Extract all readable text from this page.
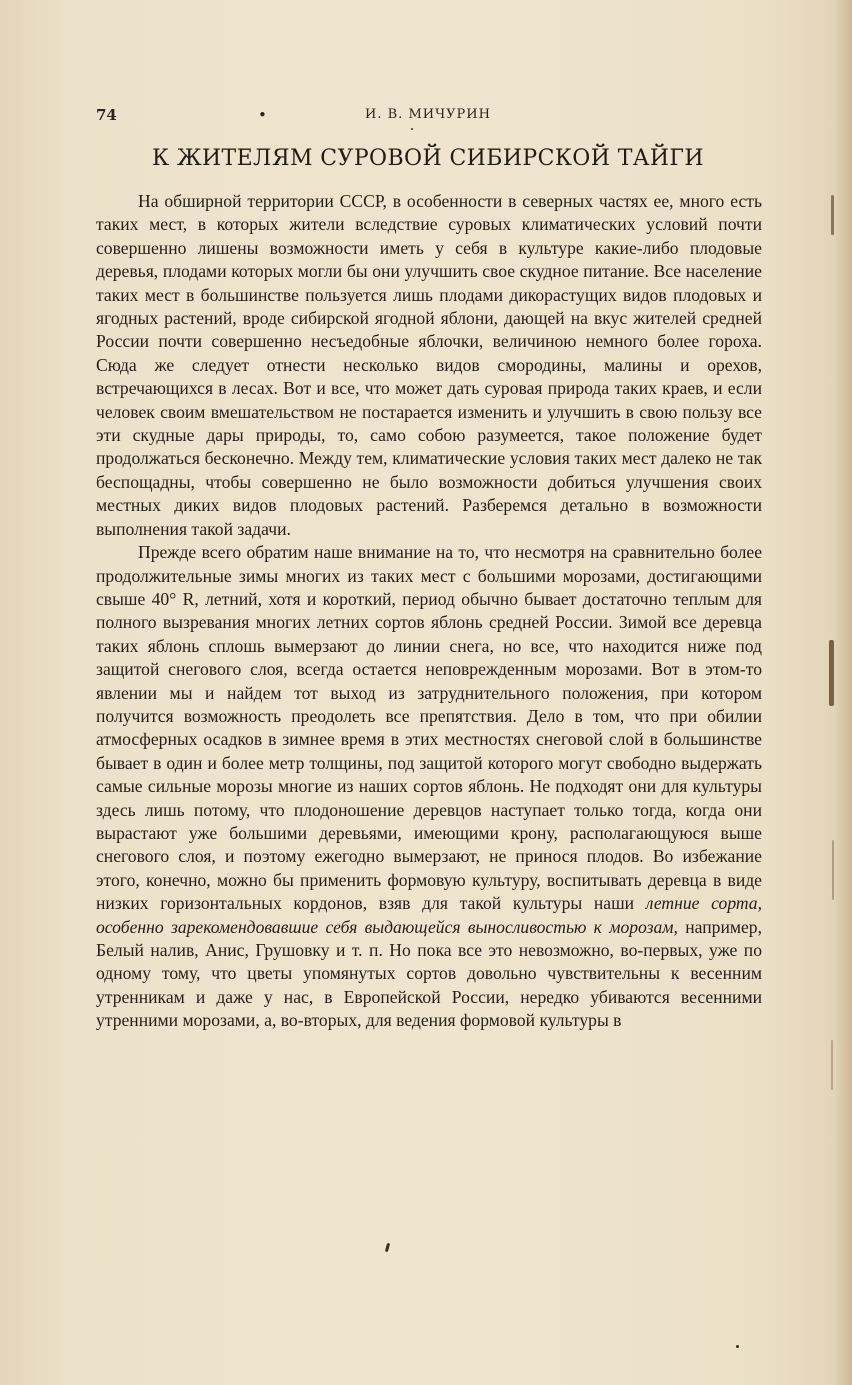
74	•	И. В. МИЧУРИН
К ЖИТЕЛЯМ СУРОВОЙ СИБИРСКОЙ ТАЙГИ

На обширной территории СССР, в особенности в северных частях ее, много есть таких мест, в которых жители вследствие суровых климатических условий почти совершенно лишены возможности иметь у себя в культуре какие-либо плодовые деревья, плодами которых могли бы они улучшить свое скудное питание. Все население таких мест в большинстве пользуется лишь плодами дикорастущих видов плодовых и ягодных растений, вроде сибирской ягодной яблони, дающей на вкус жителей средней России почти совершенно несъедобные яблочки, величиною немного более гороха. Сюда же следует отнести несколько видов смородины, малины и орехов, встречающихся в лесах. Вот и все, что может дать суровая природа таких краев, и если человек своим вмешательством не постарается изменить и улучшить в свою пользу все эти скудные дары природы, то, само собою разумеется, такое положение будет продолжаться бесконечно. Между тем, климатические условия таких мест далеко не так беспощадны, чтобы совершенно не было возможности добиться улучшения своих местных диких видов плодовых растений. Разберемся детально в возможности выполнения такой задачи.

Прежде всего обратим наше внимание на то, что несмотря на сравнительно более продолжительные зимы многих из таких мест с большими морозами, достигающими свыше 40° R, летний, хотя и короткий, период обычно бывает достаточно теплым для полного вызревания многих летних сортов яблонь средней России. Зимой все деревца таких яблонь сплошь вымерзают до линии снега, но все, что находится ниже под защитой снегового слоя, всегда остается неповрежденным морозами. Вот в этом-то явлении мы и найдем тот выход из затруднительного положения, при котором получится возможность преодолеть все препятствия. Дело в том, что при обилии атмосферных осадков в зимнее время в этих местностях снеговой слой в большинстве бывает в один и более метр толщины, под защитой которого могут свободно выдержать самые сильные морозы многие из наших сортов яблонь. Не подходят они для культуры здесь лишь потому, что плодоношение деревцов наступает только тогда, когда они вырастают уже большими деревьями, имеющими крону, располагающуюся выше снегового слоя, и поэтому ежегодно вымерзают, не принося плодов. Во избежание этого, конечно, можно бы применить формовую культуру, воспитывать деревца в виде низких горизонтальных кордонов, взяв для такой культуры наши летние сорта, особенно зарекомендовавшие себя выдающейся выносливостью к морозам, например, Белый налив, Анис, Грушовку и т. п. Но пока все это невозможно, во-первых, уже по одному тому, что цветы упомянутых сортов довольно чувствительны к весенним утренникам и даже у нас, в Европейской России, нередко убиваются весенними утренними морозами, а, во-вторых, для ведения формовой культуры в
